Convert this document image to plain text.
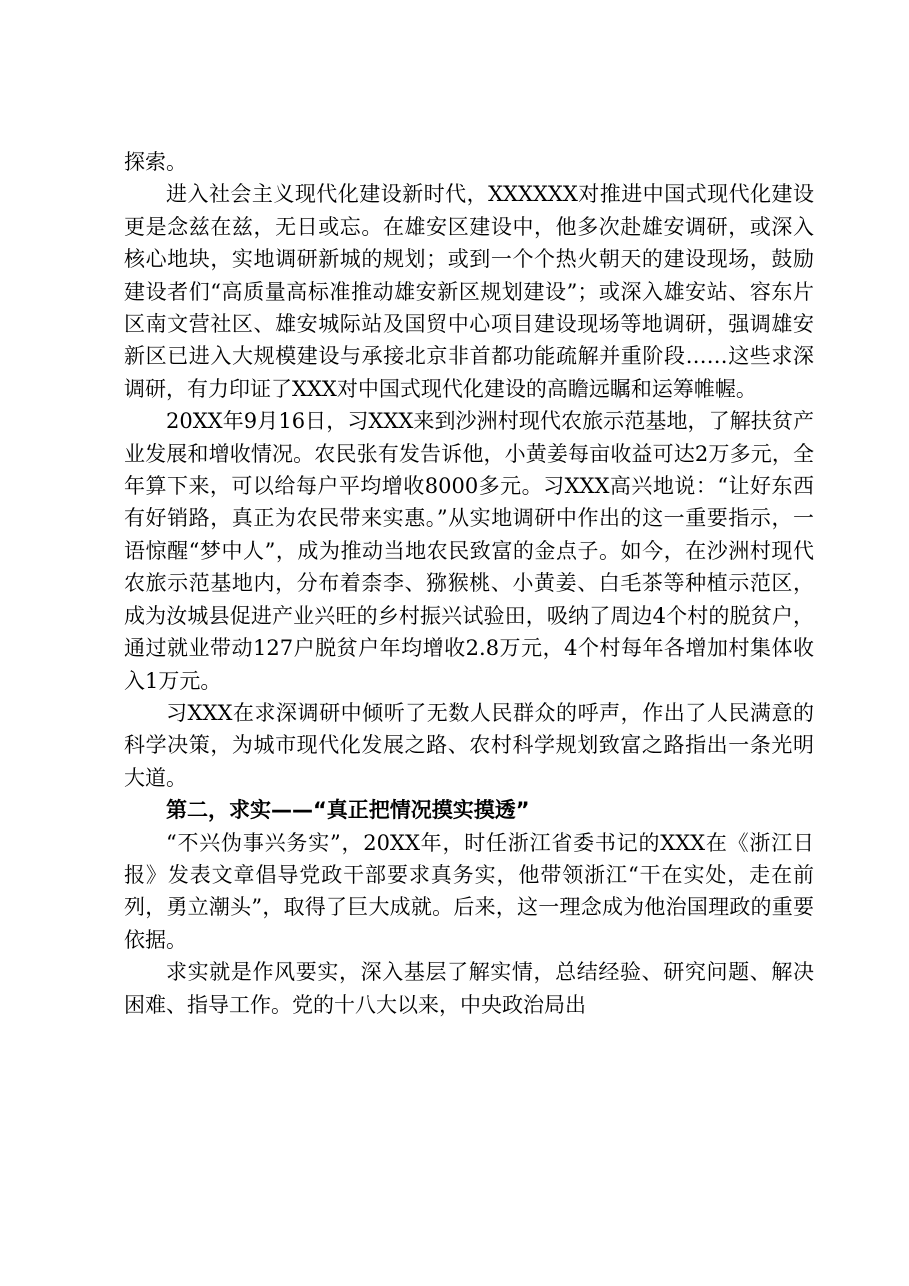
探索。

进入社会主义现代化建设新时代，XXXXXX对推进中国式现代化建设更是念兹在兹，无日或忘。在雄安区建设中，他多次赴雄安调研，或深入核心地块，实地调研新城的规划；或到一个个热火朝天的建设现场，鼓励建设者们“高质量高标准推动雄安新区规划建设”；或深入雄安站、容东片区南文营社区、雄安城际站及国贸中心项目建设现场等地调研，强调雄安新区已进入大规模建设与承接北京非首都功能疏解并重阶段……这些求深调研，有力印证了XXX对中国式现代化建设的高瞻远瞩和运筹帷幄。

20XX年9月16日，习XXX来到沙洲村现代农旅示范基地，了解扶贫产业发展和增收情况。农民张有发告诉他，小黄姜每亩收益可达2万多元，全年算下来，可以给每户平均增收8000多元。习XXX高兴地说：“让好东西有好销路，真正为农民带来实惠。”从实地调研中作出的这一重要指示，一语惊醒“梦中人”，成为推动当地农民致富的金点子。如今，在沙洲村现代农旅示范基地内，分布着柰李、猕猴桃、小黄姜、白毛茶等种植示范区，成为汝城县促进产业兴旺的乡村振兴试验田，吸纳了周边4个村的脱贫户，通过就业带动127户脱贫户年均增收2.8万元，4个村每年各增加村集体收入1万元。

习XXX在求深调研中倾听了无数人民群众的呼声，作出了人民满意的科学决策，为城市现代化发展之路、农村科学规划致富之路指出一条光明大道。

第二，求实——“真正把情况摸实摸透”

“不兴伪事兴务实”，20XX年，时任浙江省委书记的XXX在《浙江日报》发表文章倡导党政干部要求真务实，他带领浙江“干在实处，走在前列，勇立潮头”，取得了巨大成就。后来，这一理念成为他治国理政的重要依据。

求实就是作风要实，深入基层了解实情，总结经验、研究问题、解决困难、指导工作。党的十八大以来，中央政治局出
